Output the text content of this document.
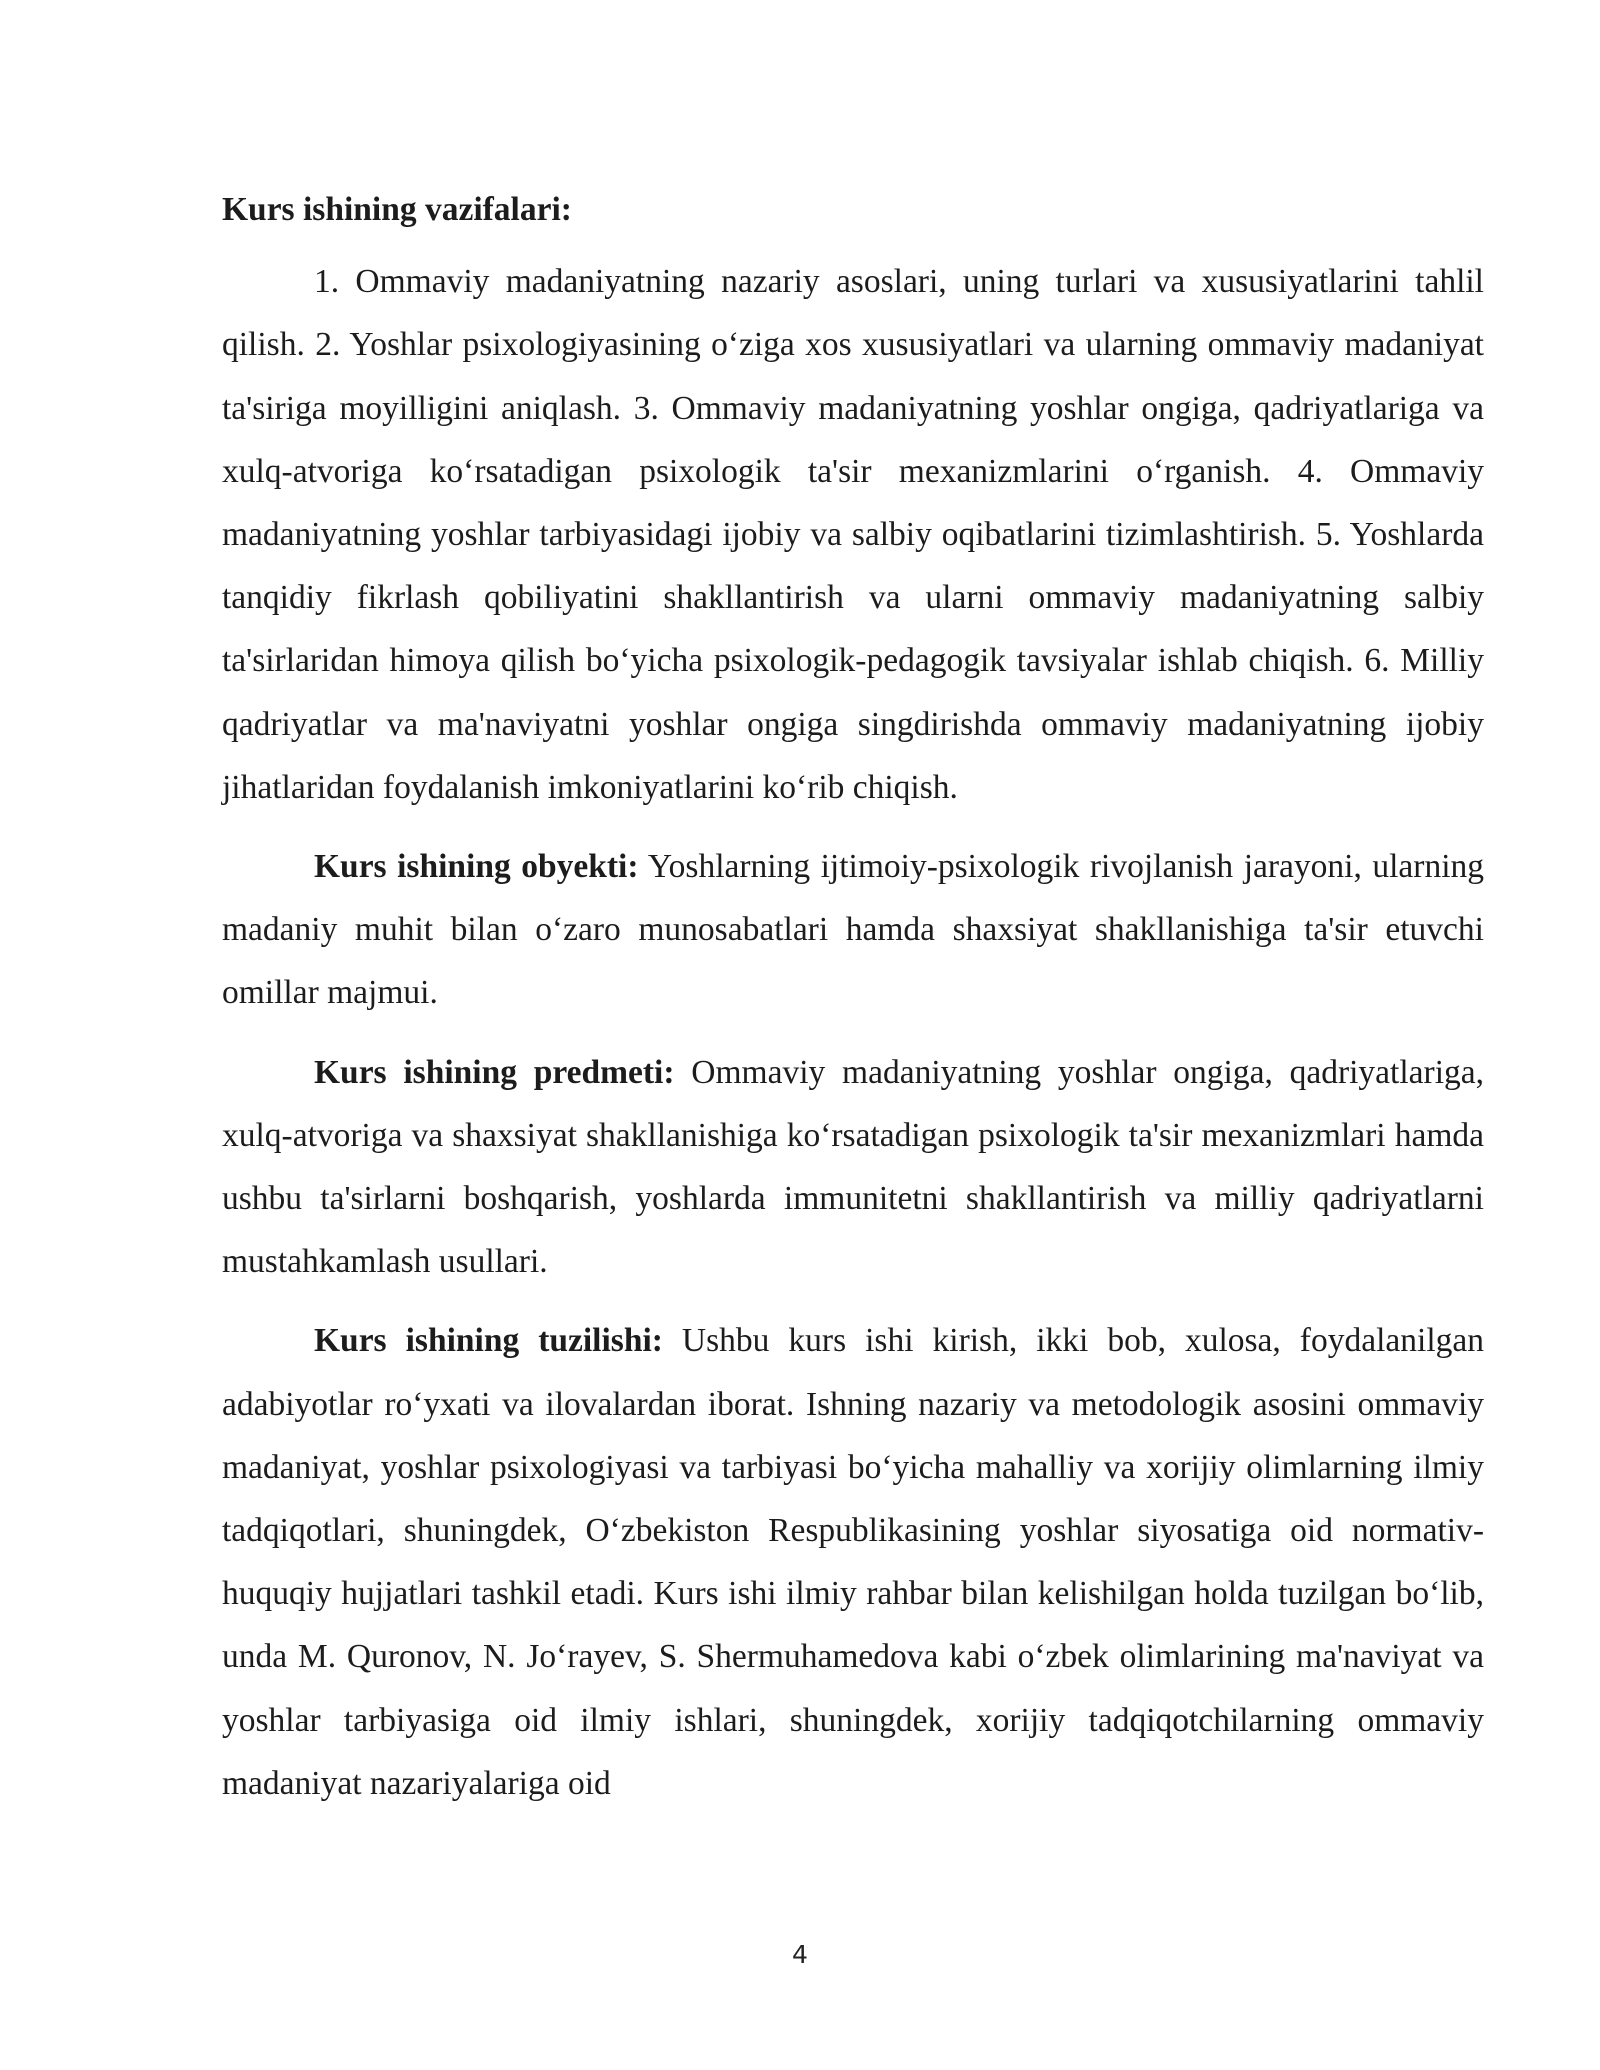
Kurs ishining vazifalari:

1. Ommaviy madaniyatning nazariy asoslari, uning turlari va xususiyatlarini tahlil qilish. 2. Yoshlar psixologiyasining o‘ziga xos xususiyatlari va ularning ommaviy madaniyat ta'siriga moyilligini aniqlash. 3. Ommaviy madaniyatning yoshlar ongiga, qadriyatlariga va xulq-atvoriga ko‘rsatadigan psixologik ta'sir mexanizmlarini o‘rganish. 4. Ommaviy madaniyatning yoshlar tarbiyasidagi ijobiy va salbiy oqibatlarini tizimlashtirish. 5. Yoshlarda tanqidiy fikrlash qobiliyatini shakllantirish va ularni ommaviy madaniyatning salbiy ta'sirlaridan himoya qilish bo‘yicha psixologik-pedagogik tavsiyalar ishlab chiqish. 6. Milliy qadriyatlar va ma'naviyatni yoshlar ongiga singdirishda ommaviy madaniyatning ijobiy jihatlaridan foydalanish imkoniyatlarini ko‘rib chiqish.

Kurs ishining obyekti: Yoshlarning ijtimoiy-psixologik rivojlanish jarayoni, ularning madaniy muhit bilan o‘zaro munosabatlari hamda shaxsiyat shakllanishiga ta'sir etuvchi omillar majmui.

Kurs ishining predmeti: Ommaviy madaniyatning yoshlar ongiga, qadriyatlariga, xulq-atvoriga va shaxsiyat shakllanishiga ko‘rsatadigan psixologik ta'sir mexanizmlari hamda ushbu ta'sirlarni boshqarish, yoshlarda immunitetni shakllantirish va milliy qadriyatlarni mustahkamlash usullari.

Kurs ishining tuzilishi: Ushbu kurs ishi kirish, ikki bob, xulosa, foydalanilgan adabiyotlar ro‘yxati va ilovalardan iborat. Ishning nazariy va metodologik asosini ommaviy madaniyat, yoshlar psixologiyasi va tarbiyasi bo‘yicha mahalliy va xorijiy olimlarning ilmiy tadqiqotlari, shuningdek, O‘zbekiston Respublikasining yoshlar siyosatiga oid normativ-huquqiy hujjatlari tashkil etadi. Kurs ishi ilmiy rahbar bilan kelishilgan holda tuzilgan bo‘lib, unda M. Quronov, N. Jo‘rayev, S. Shermuhamedova kabi o‘zbek olimlarining ma'naviyat va yoshlar tarbiyasiga oid ilmiy ishlari, shuningdek, xorijiy tadqiqotchilarning ommaviy madaniyat nazariyalariga oid

4
